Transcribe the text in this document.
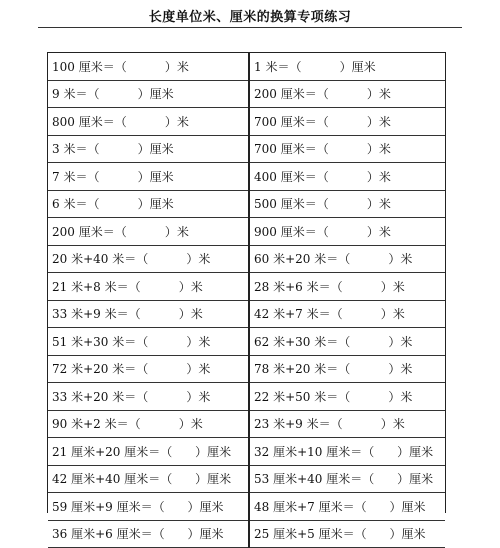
长度单位米、厘米的换算专项练习
100 厘米＝（          ）米	1 米＝（          ）厘米
9 米＝（          ）厘米	200 厘米＝（          ）米
800 厘米＝（          ）米	700 厘米＝（          ）米
3 米＝（          ）厘米	700 厘米＝（          ）米
7 米＝（          ）厘米	400 厘米＝（          ）米
6 米＝（          ）厘米	500 厘米＝（          ）米
200 厘米＝（          ）米	900 厘米＝（          ）米
20 米+40 米＝（          ）米	60 米+20 米＝（          ）米
21 米+8 米＝（          ）米	28 米+6 米＝（          ）米
33 米+9 米＝（          ）米	42 米+7 米＝（          ）米
51 米+30 米＝（          ）米	62 米+30 米＝（          ）米
72 米+20 米＝（          ）米	78 米+20 米＝（          ）米
33 米+20 米＝（          ）米	22 米+50 米＝（          ）米
90 米+2 米＝（          ）米	23 米+9 米＝（          ）米
21 厘米+20 厘米＝（      ）厘米	32 厘米+10 厘米＝（      ）厘米
42 厘米+40 厘米＝（      ）厘米	53 厘米+40 厘米＝（      ）厘米
59 厘米+9 厘米＝（      ）厘米	48 厘米+7 厘米＝（      ）厘米
36 厘米+6 厘米＝（      ）厘米	25 厘米+5 厘米＝（      ）厘米
